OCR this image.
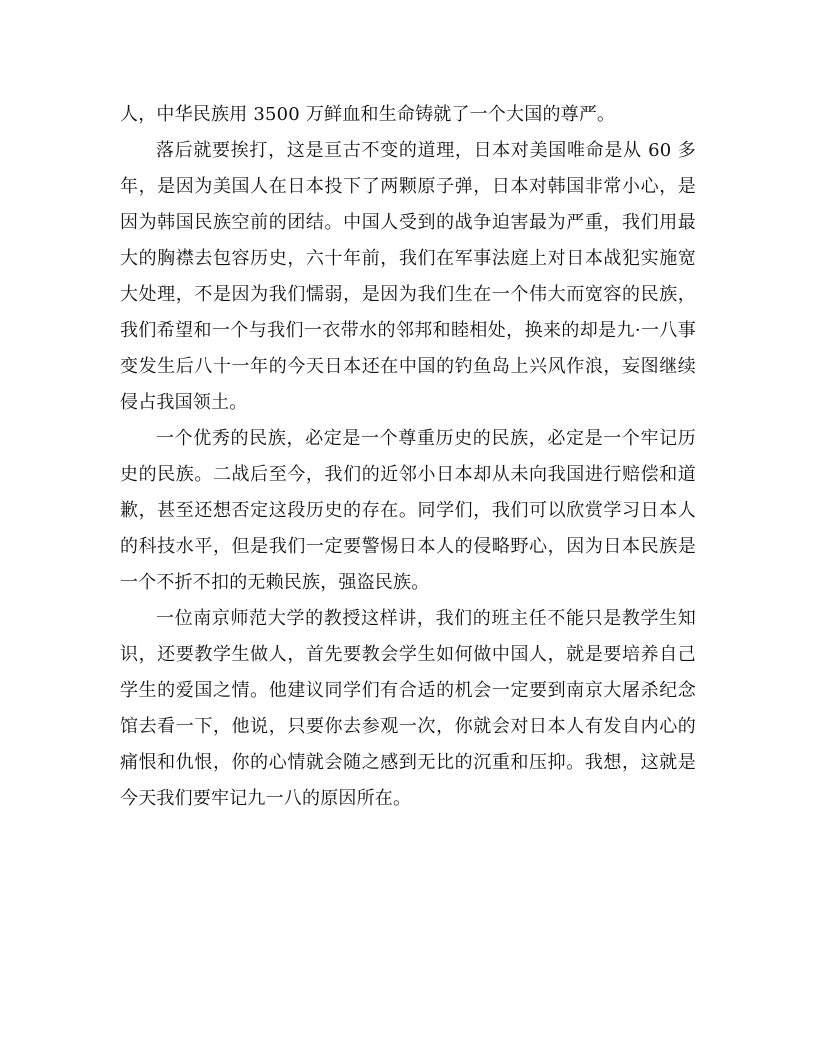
人，中华民族用 3500 万鲜血和生命铸就了一个大国的尊严。

落后就要挨打，这是亘古不变的道理，日本对美国唯命是从 60 多年，是因为美国人在日本投下了两颗原子弹，日本对韩国非常小心，是因为韩国民族空前的团结。中国人受到的战争迫害最为严重，我们用最大的胸襟去包容历史，六十年前，我们在军事法庭上对日本战犯实施宽大处理，不是因为我们懦弱，是因为我们生在一个伟大而宽容的民族，我们希望和一个与我们一衣带水的邻邦和睦相处，换来的却是九·一八事变发生后八十一年的今天日本还在中国的钓鱼岛上兴风作浪，妄图继续侵占我国领土。

一个优秀的民族，必定是一个尊重历史的民族，必定是一个牢记历史的民族。二战后至今，我们的近邻小日本却从未向我国进行赔偿和道歉，甚至还想否定这段历史的存在。同学们，我们可以欣赏学习日本人的科技水平，但是我们一定要警惕日本人的侵略野心，因为日本民族是一个不折不扣的无赖民族，强盗民族。

一位南京师范大学的教授这样讲，我们的班主任不能只是教学生知识，还要教学生做人，首先要教会学生如何做中国人，就是要培养自己学生的爱国之情。他建议同学们有合适的机会一定要到南京大屠杀纪念馆去看一下，他说，只要你去参观一次，你就会对日本人有发自内心的痛恨和仇恨，你的心情就会随之感到无比的沉重和压抑。我想，这就是今天我们要牢记九一八的原因所在。
